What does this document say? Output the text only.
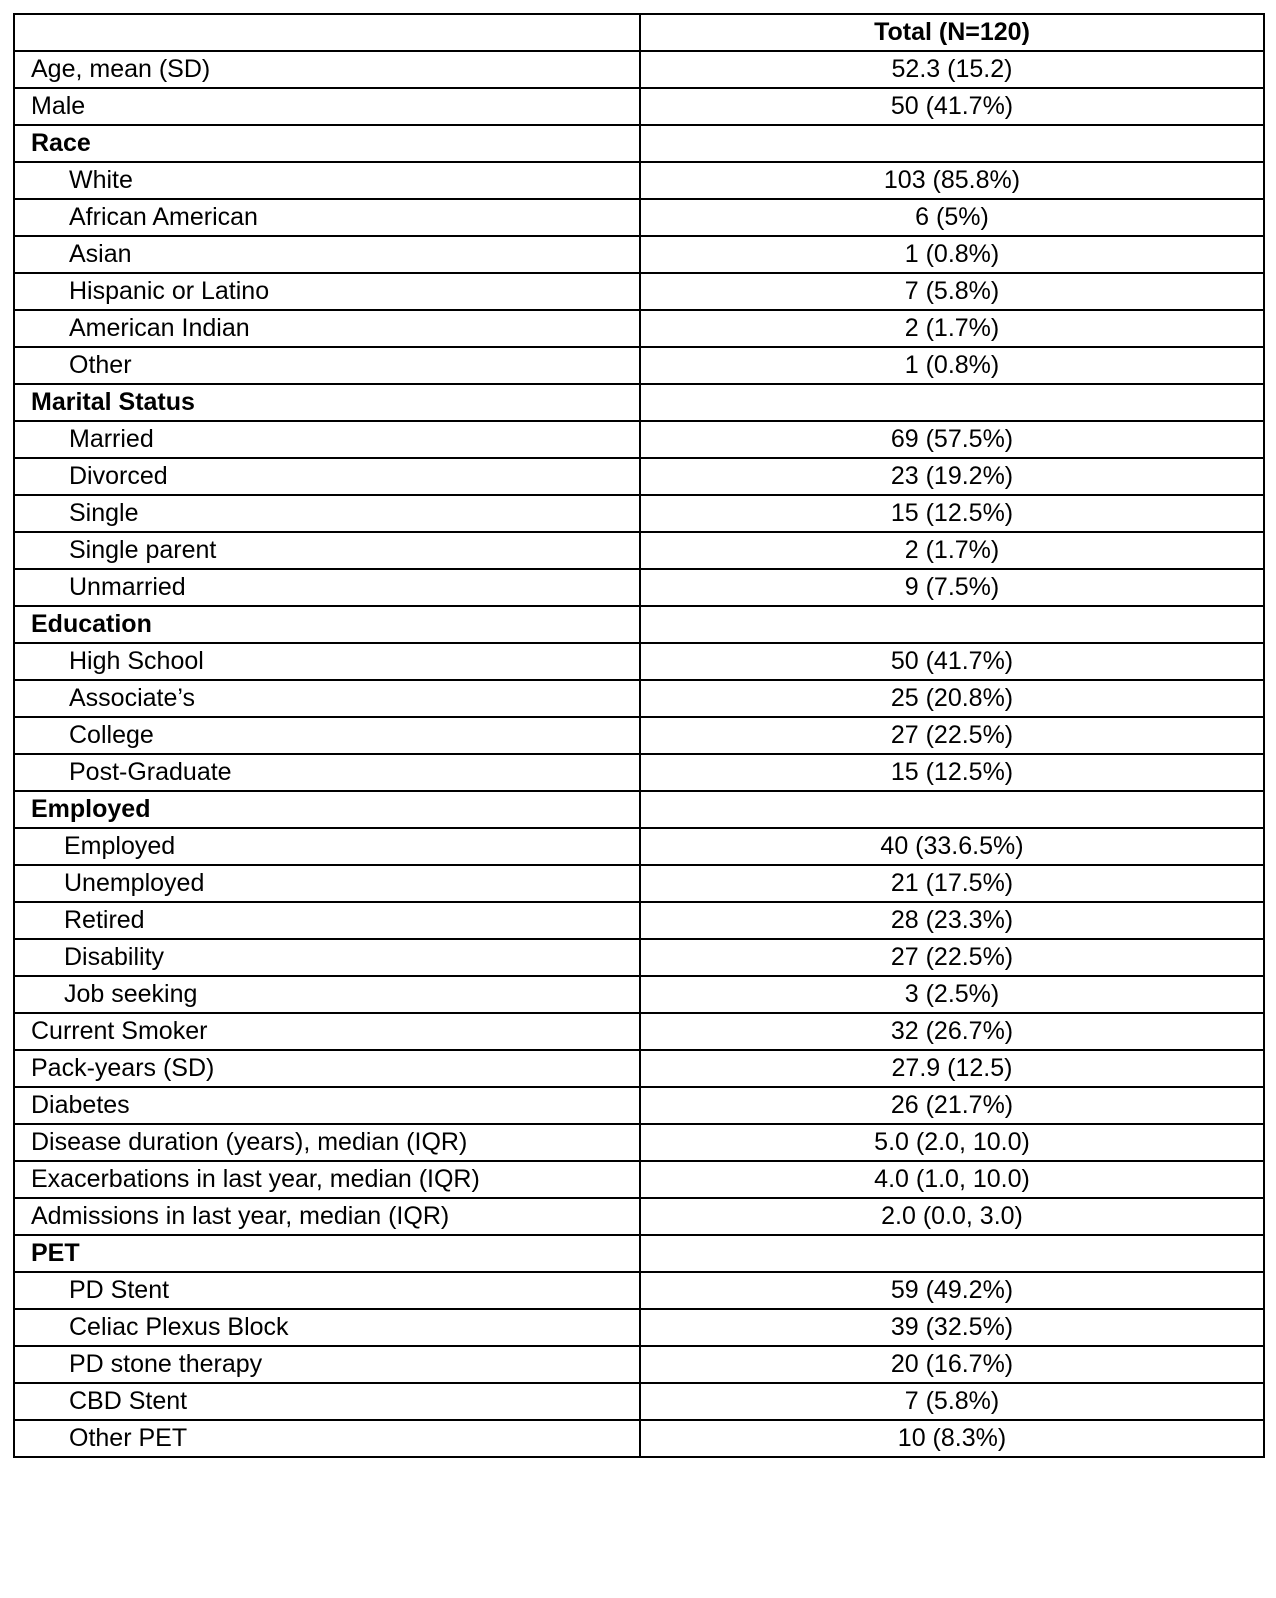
	Total (N=120)
Age, mean (SD)	52.3 (15.2)
Male	50 (41.7%)
Race	
White	103 (85.8%)
African American	6 (5%)
Asian	1 (0.8%)
Hispanic or Latino	7 (5.8%)
American Indian	2 (1.7%)
Other	1 (0.8%)
Marital Status	
Married	69 (57.5%)
Divorced	23 (19.2%)
Single	15 (12.5%)
Single parent	2 (1.7%)
Unmarried	9 (7.5%)
Education	
High School	50 (41.7%)
Associate’s	25 (20.8%)
College	27 (22.5%)
Post-Graduate	15 (12.5%)
Employed	
Employed	40 (33.6.5%)
Unemployed	21 (17.5%)
Retired	28 (23.3%)
Disability	27 (22.5%)
Job seeking	3 (2.5%)
Current Smoker	32 (26.7%)
Pack-years (SD)	27.9 (12.5)
Diabetes	26 (21.7%)
Disease duration (years), median (IQR)	5.0 (2.0, 10.0)
Exacerbations in last year, median (IQR)	4.0 (1.0, 10.0)
Admissions in last year, median (IQR)	2.0 (0.0, 3.0)
PET	
PD Stent	59 (49.2%)
Celiac Plexus Block	39 (32.5%)
PD stone therapy	20 (16.7%)
CBD Stent	7 (5.8%)
Other PET	10 (8.3%)
